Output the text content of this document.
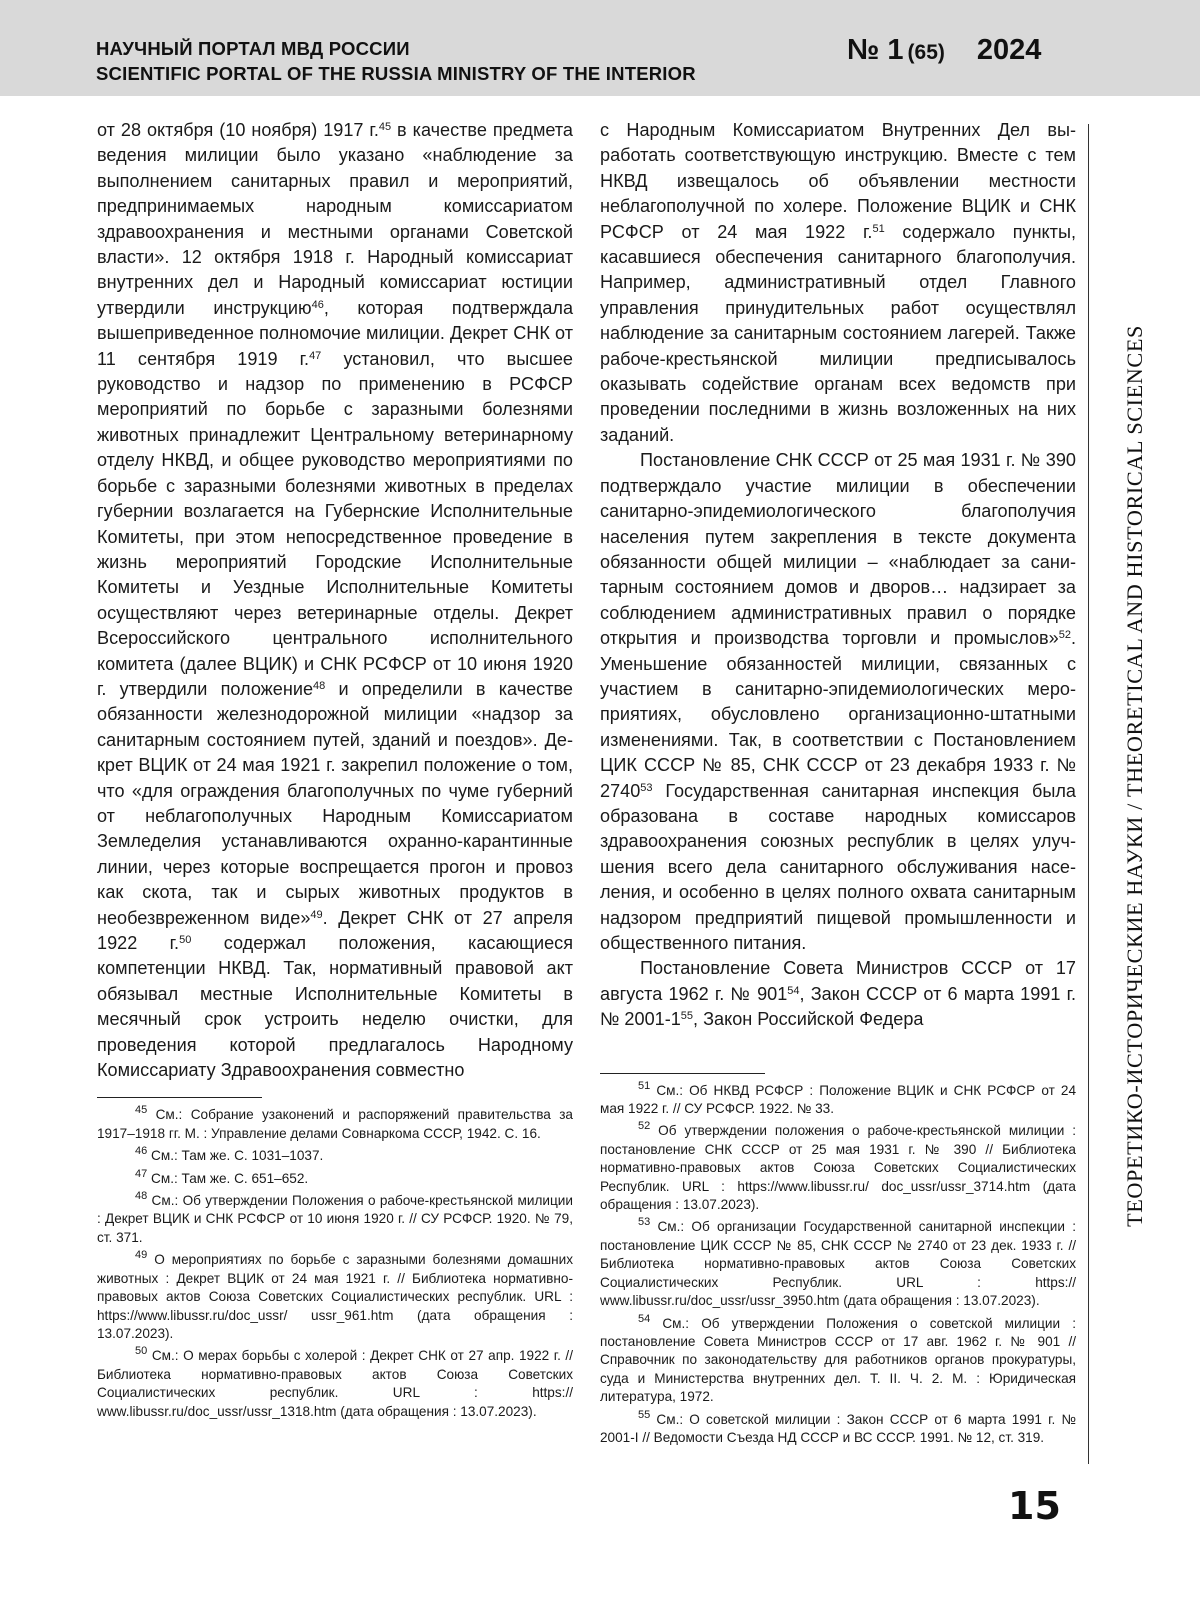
НАУЧНЫЙ ПОРТАЛ МВД РОССИИ
SCIENTIFIC PORTAL OF THE RUSSIA MINISTRY OF THE INTERIOR
№ 1 (65) 2024

от 28 октября (10 ноября) 1917 г.$^{45}$ в качестве предмета ведения милиции было указано «наблюдение за выполнением санитарных правил и мероприятий, предпринимаемых народным комиссариатом здравоохранения и местными органами Советской власти». 12 октября 1918 г. Народный комиссариат внутренних дел и Народный комиссариат юстиции утвердили инструкцию$^{46}$, которая подтверждала вышеприведенное полномочие милиции. Декрет СНК от 11 сентября 1919 г.$^{47}$ установил, что высшее руководство и надзор по применению в РСФСР мероприятий по борьбе с заразными болезнями животных принадлежит Центральному ветеринарному отделу НКВД, и общее руководство мероприятиями по борьбе с заразными болезнями животных в пределах губернии возлагается на Губернские Исполнительные Комитеты, при этом непосредственное проведение в жизнь мероприятий Городские Исполнительные Комитеты и Уездные Исполнительные Комитеты осуществляют через ветеринарные отделы. Декрет Всероссийского центрального исполнительного комитета (далее ВЦИК) и СНК РСФСР от 10 июня 1920 г. утвердили положение$^{48}$ и определили в качестве обязанности железнодорожной милиции «надзор за санитарным состоянием путей, зданий и поездов». Декрет ВЦИК от 24 мая 1921 г. закрепил положение о том, что «для ограждения благополучных по чуме губерний от неблагополучных Народным Комиссариатом Земледелия устанавливаются охранно-карантинные линии, через которые воспрещается прогон и провоз как скота, так и сырых животных продуктов в необезвреженном виде»$^{49}$. Декрет СНК от 27 апреля 1922 г.$^{50}$ содержал положения, касающиеся компетенции НКВД. Так, нормативный правовой акт обязывал местные Исполнительные Комитеты в месячный срок устроить неделю очистки, для проведения которой предлагалось Народному Комиссариату Здравоохранения совместно

$^{45}$ См.: Собрание узаконений и распоряжений правительства за 1917–1918 гг. М. : Управление делами Совнаркома СССР, 1942. С. 16.

$^{46}$ См.: Там же. С. 1031–1037.

$^{47}$ См.: Там же. С. 651–652.

$^{48}$ См.: Об утверждении Положения о рабоче-крестьянской милиции : Декрет ВЦИК и СНК РСФСР от 10 июня 1920 г. // СУ РСФСР. 1920. № 79, ст. 371.

$^{49}$ О мероприятиях по борьбе с заразными болезнями домашних животных : Декрет ВЦИК от 24 мая 1921 г. // Библиотека нормативно-правовых актов Союза Советских Социалистических республик. URL : https://www.libussr.ru/doc_ussr/ ussr_961.htm (дата обращения : 13.07.2023).

$^{50}$ См.: О мерах борьбы с холерой : Декрет СНК от 27 апр. 1922 г. // Библиотека нормативно-правовых актов Союза Советских Социалистических республик. URL : https:// www.libussr.ru/doc_ussr/ussr_1318.htm (дата обращения : 13.07.2023).

с Народным Комиссариатом Внутренних Дел выработать соответствующую инструкцию. Вместе с тем НКВД извещалось об объявлении местности неблагополучной по холере. Положение ВЦИК и СНК РСФСР от 24 мая 1922 г.$^{51}$ содержало пункты, касавшиеся обеспечения санитарного благополучия. Например, административный отдел Главного управления принудительных работ осуществлял наблюдение за санитарным состоянием лагерей. Также рабоче-крестьянской милиции предписывалось оказывать содействие органам всех ведомств при проведении последними в жизнь возложенных на них заданий.

Постановление СНК СССР от 25 мая 1931 г. № 390 подтверждало участие милиции в обеспечении санитарно-эпидемиологического благополучия населения путем закрепления в тексте документа обязанности общей милиции – «наблюдает за санитарным состоянием домов и дворов… надзирает за соблюдением административных правил о порядке открытия и производства торговли и промыслов»$^{52}$. Уменьшение обязанностей милиции, связанных с участием в санитарно-эпидемиологических мероприятиях, обусловлено организационно-штатными изменениями. Так, в соответствии с Постановлением ЦИК СССР № 85, СНК СССР от 23 декабря 1933 г. № 2740$^{53}$ Государственная санитарная инспекция была образована в составе народных комиссаров здравоохранения союзных республик в целях улучшения всего дела санитарного обслуживания населения, и особенно в целях полного охвата санитарным надзором предприятий пищевой промышленности и общественного питания.

Постановление Совета Министров СССР от 17 августа 1962 г. № $901^{54}$, Закон СССР от 6 марта 1991 г. № $2001-1^{55}$, Закон Российской Федера

$^{51}$ См.: Об НКВД РСФСР : Положение ВЦИК и СНК РСФСР от 24 мая 1922 г. // СУ РСФСР. 1922. № 33.

$^{52}$ Об утверждении положения о рабоче-крестьянской милиции : постановление СНК СССР от 25 мая 1931 г. № 390 // Библиотека нормативно-правовых актов Союза Советских Социалистических Республик. URL : https://www.libussr.ru/ doc_ussr/ussr_3714.htm (дата обращения : 13.07.2023).

$^{53}$ См.: Об организации Государственной санитарной инспекции : постановление ЦИК СССР № 85, СНК СССР № 2740 от 23 дек. 1933 г. // Библиотека нормативно-правовых актов Союза Советских Социалистических Республик. URL : https:// www.libussr.ru/doc_ussr/ussr_3950.htm (дата обращения : 13.07.2023).

$^{54}$ См.: Об утверждении Положения о советской милиции : постановление Совета Министров СССР от 17 авг. 1962 г. № 901 // Справочник по законодательству для работников органов прокуратуры, суда и Министерства внутренних дел. Т. II. Ч. 2. М. : Юридическая литература, 1972.

$^{55}$ См.: О советской милиции : Закон СССР от 6 марта 1991 г. № 2001-I // Ведомости Съезда НД СССР и ВС СССР. 1991. № 12, ст. 319.

ТЕОРЕТИКО-ИСТОРИЧЕСКИЕ НАУКИ / THEORETICAL AND HISTORICAL SCIENCES
15
